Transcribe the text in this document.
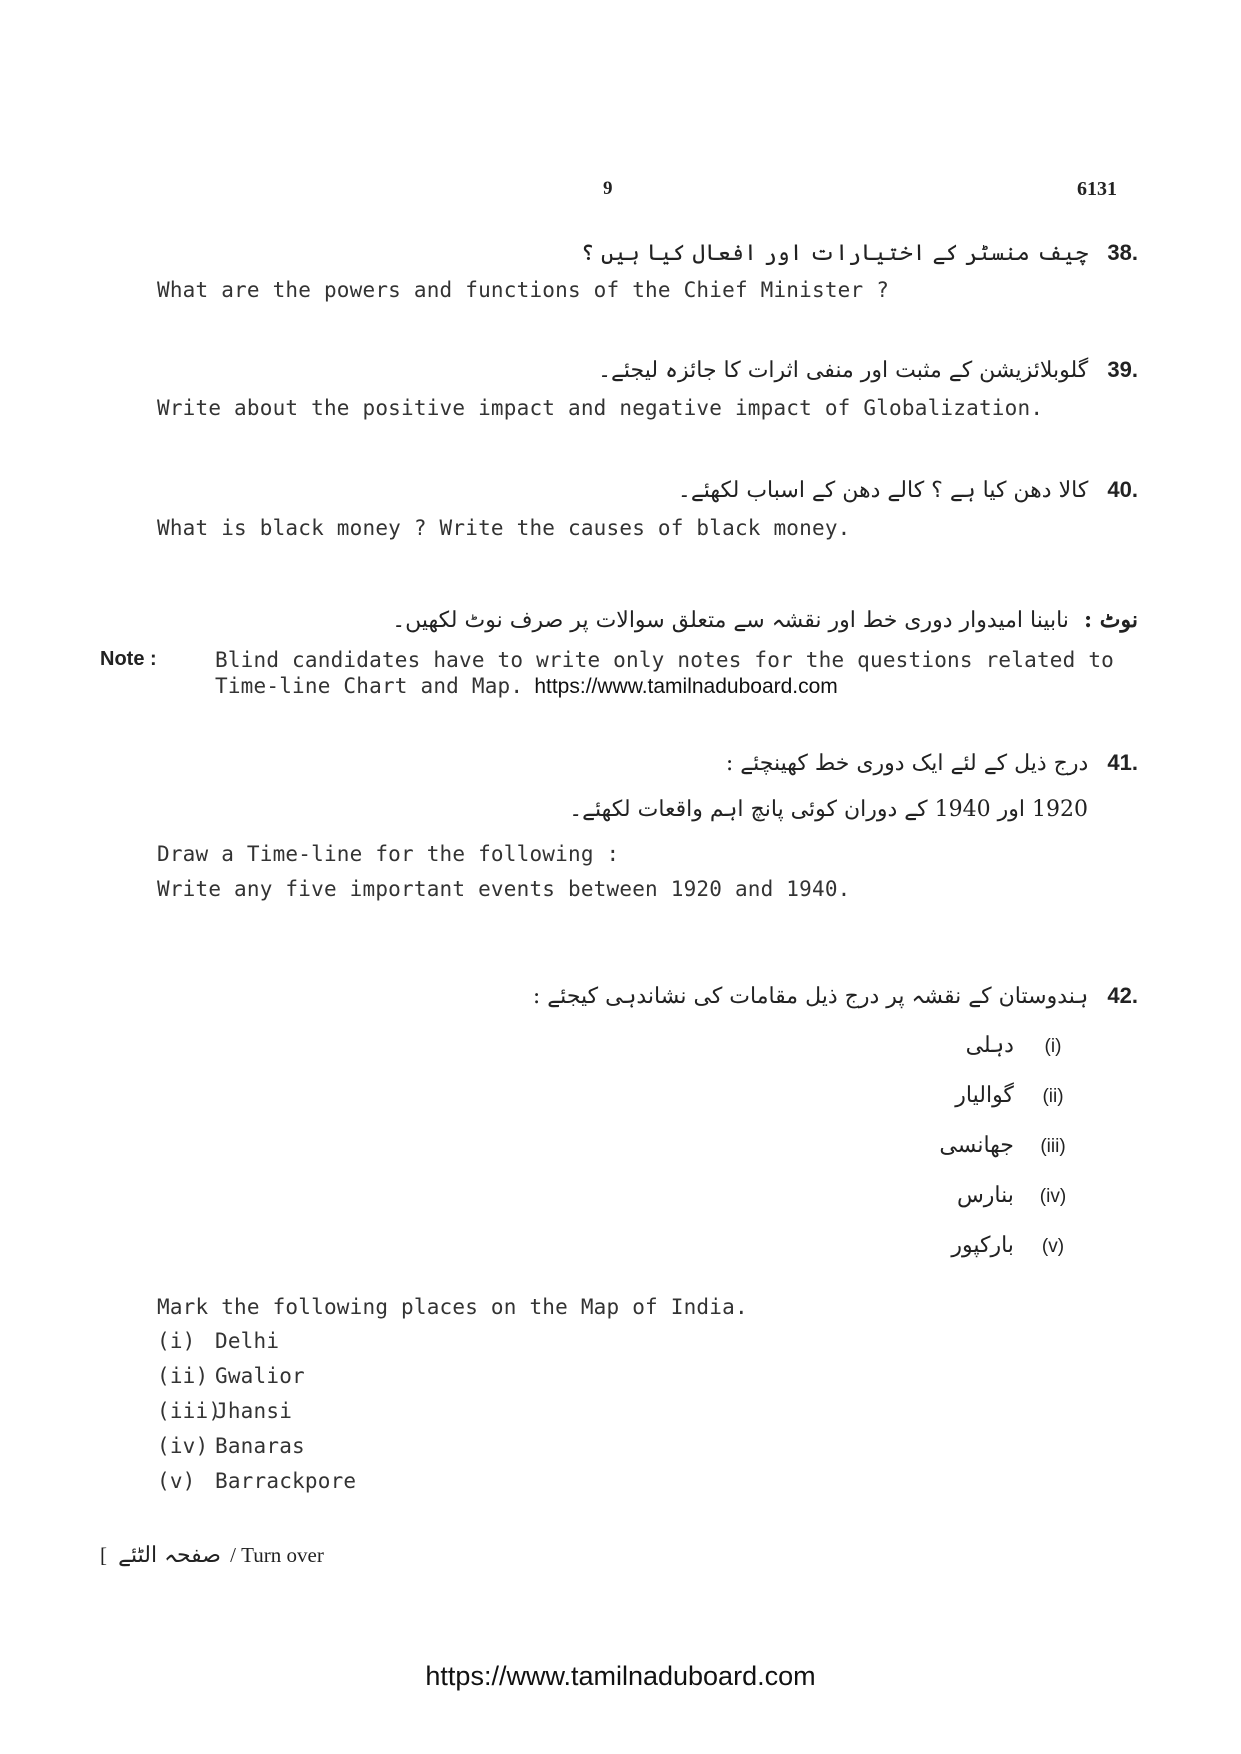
9	6131
.38 چیف منسٹر کے اختیارات اور افعال کیا ہیں ؟
What are the powers and functions of the Chief Minister ?
.39 گلوبلائزیشن کے مثبت اور منفی اثرات کا جائزہ لیجئے۔
Write about the positive impact and negative impact of Globalization.
.40 کالا دھن کیا ہے ؟ کالے دھن کے اسباب لکھئے۔
What is black money ? Write the causes of black money.
نوٹ : نابینا امیدوار دوری خط اور نقشہ سے متعلق سوالات پر صرف نوٹ لکھیں۔
Note :	Blind candidates have to write only notes for the questions related to
Time-line Chart and Map. https://www.tamilnaduboard.com
.41 درج ذیل کے لئے ایک دوری خط کھینچئے :
1920 اور 1940 کے دوران کوئی پانچ اہم واقعات لکھئے۔
Draw a Time-line for the following :
Write any five important events between 1920 and 1940.
.42 ہندوستان کے نقشہ پر درج ذیل مقامات کی نشاندہی کیجئے :
(i) دہلی
(ii) گوالیار
(iii) جھانسی
(iv) بنارس
(v) بارکپور
Mark the following places on the Map of India.
(i) Delhi
(ii) Gwalior
(iii)Jhansi
(iv) Banaras
(v) Barrackpore
[ صفحہ الٹئے / Turn over
https://www.tamilnaduboard.com
